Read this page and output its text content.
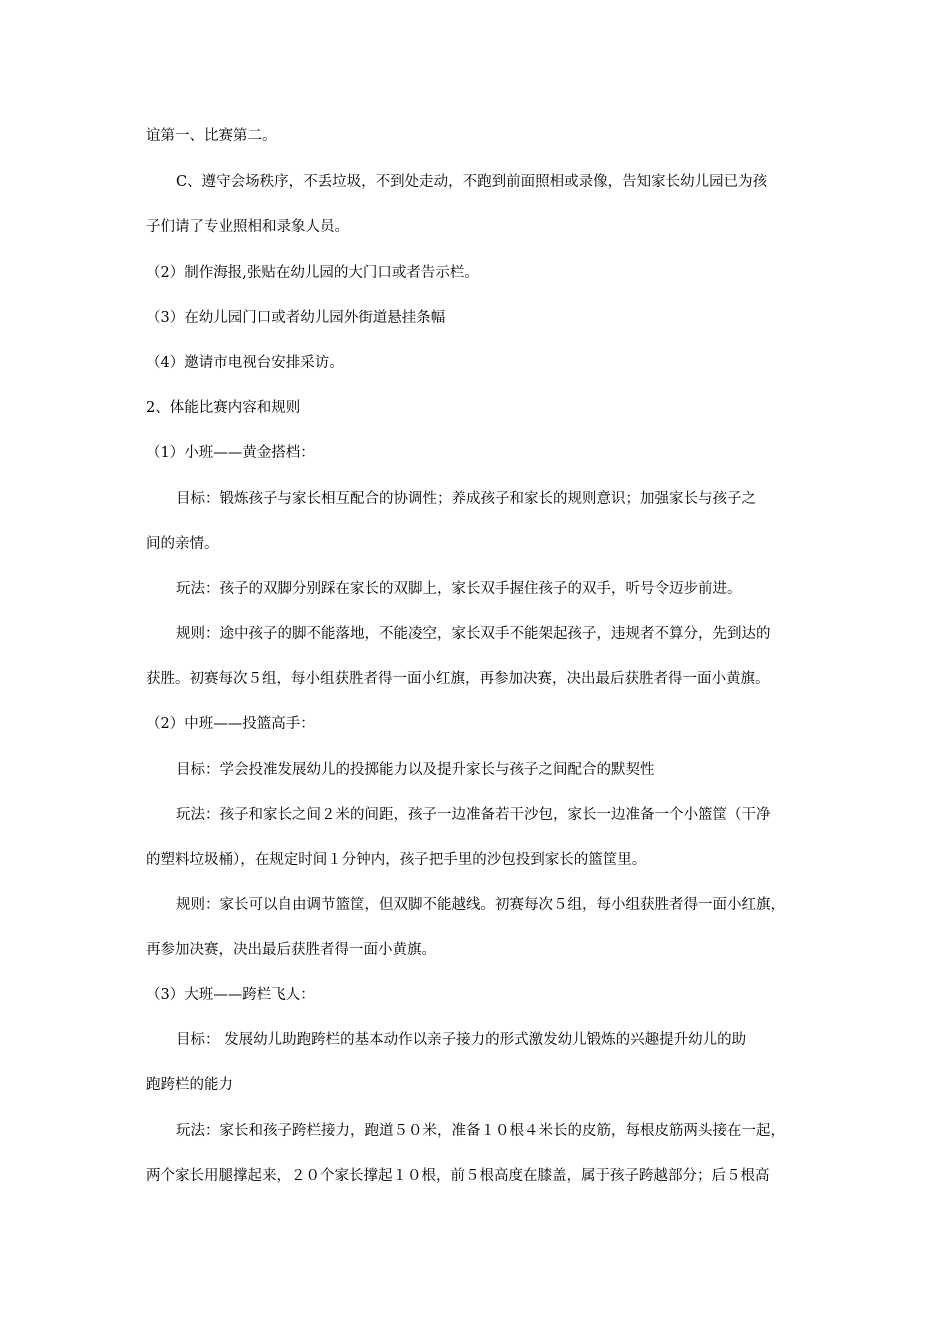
谊第一、比赛第二。
C、遵守会场秩序，不丢垃圾，不到处走动，不跑到前面照相或录像，告知家长幼儿园已为孩
子们请了专业照相和录象人员。
（2）制作海报,张贴在幼儿园的大门口或者告示栏。
（3）在幼儿园门口或者幼儿园外街道悬挂条幅
（4）邀请市电视台安排采访。
2、体能比赛内容和规则
（1）小班——黄金搭档：
目标：锻炼孩子与家长相互配合的协调性；养成孩子和家长的规则意识；加强家长与孩子之
间的亲情。
玩法：孩子的双脚分别踩在家长的双脚上，家长双手握住孩子的双手，听号令迈步前进。
规则：途中孩子的脚不能落地，不能凌空，家长双手不能架起孩子，违规者不算分，先到达的
获胜。初赛每次５组，每小组获胜者得一面小红旗，再参加决赛，决出最后获胜者得一面小黄旗。
（2）中班——投篮高手：
目标：学会投准发展幼儿的投掷能力以及提升家长与孩子之间配合的默契性
玩法：孩子和家长之间２米的间距，孩子一边准备若干沙包，家长一边准备一个小篮筐（干净
的塑料垃圾桶），在规定时间１分钟内，孩子把手里的沙包投到家长的篮筐里。
规则：家长可以自由调节篮筐，但双脚不能越线。初赛每次５组，每小组获胜者得一面小红旗，
再参加决赛，决出最后获胜者得一面小黄旗。
（3）大班——跨栏飞人：
目标： 发展幼儿助跑跨栏的基本动作以亲子接力的形式激发幼儿锻炼的兴趣提升幼儿的助
跑跨栏的能力
玩法：家长和孩子跨栏接力，跑道５０米，准备１０根４米长的皮筋，每根皮筋两头接在一起，
两个家长用腿撑起来，２０个家长撑起１０根，前５根高度在膝盖，属于孩子跨越部分；后５根高
